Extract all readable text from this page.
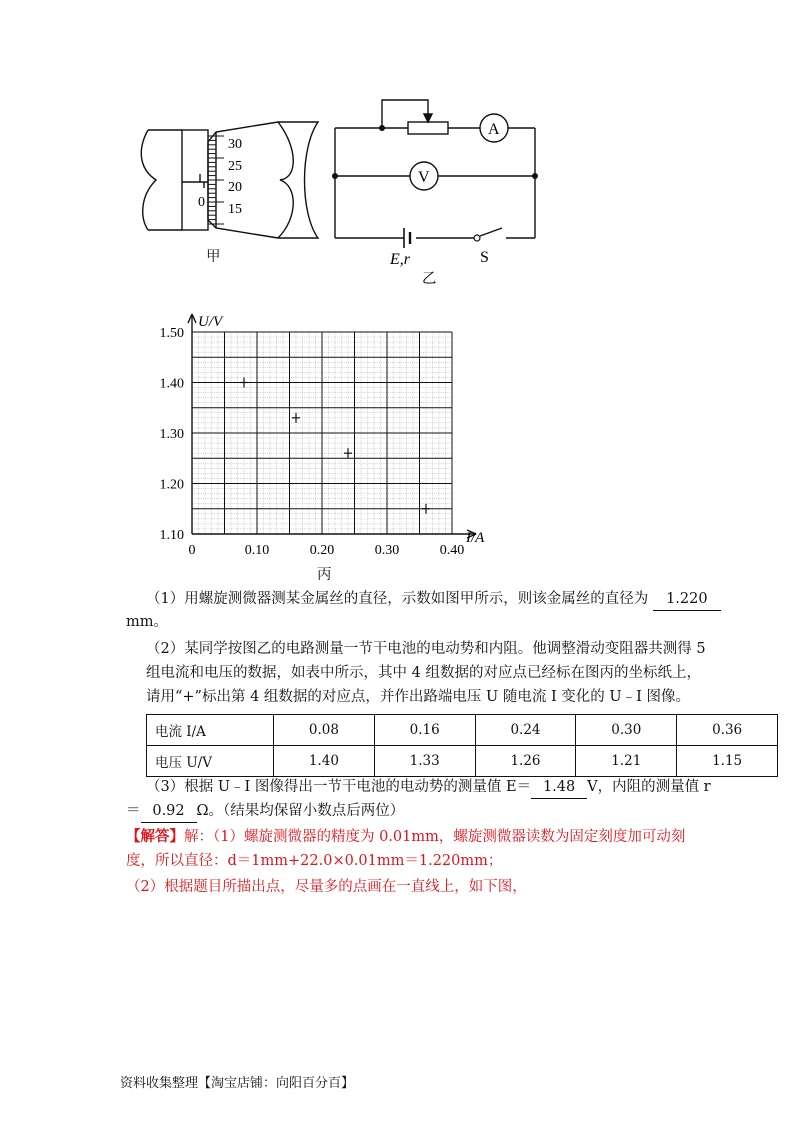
30
25
20
15
0
甲
A
V
E,r	S
乙
0	0.10	0.20	0.30	0.40
1.10
1.20
1.30
1.40
1.50
U/V
I/A
丙
（1）用螺旋测微器测某金属丝的直径，示数如图甲所示，则该金属丝的直径为 1.220
mm。
（2）某同学按图乙的电路测量一节干电池的电动势和内阻。他调整滑动变阻器共测得 5
组电流和电压的数据，如表中所示，其中 4 组数据的对应点已经标在图丙的坐标纸上，
请用“+”标出第 4 组数据的对应点，并作出路端电压 U 随电流 I 变化的 U﹣I 图像。
电流 I/A	0.08	0.16	0.24	0.30	0.36
电压 U/V	1.40	1.33	1.26	1.21	1.15
（3）根据 U﹣I 图像得出一节干电池的电动势的测量值 E＝ 1.48 V，内阻的测量值 r
＝ 0.92 Ω。（结果均保留小数点后两位）
【解答】解：（1）螺旋测微器的精度为 0.01mm，螺旋测微器读数为固定刻度加可动刻
度，所以直径：d＝1mm+22.0×0.01mm＝1.220mm；
（2）根据题目所描出点，尽量多的点画在一直线上，如下图，
资料收集整理【淘宝店铺：向阳百分百】
